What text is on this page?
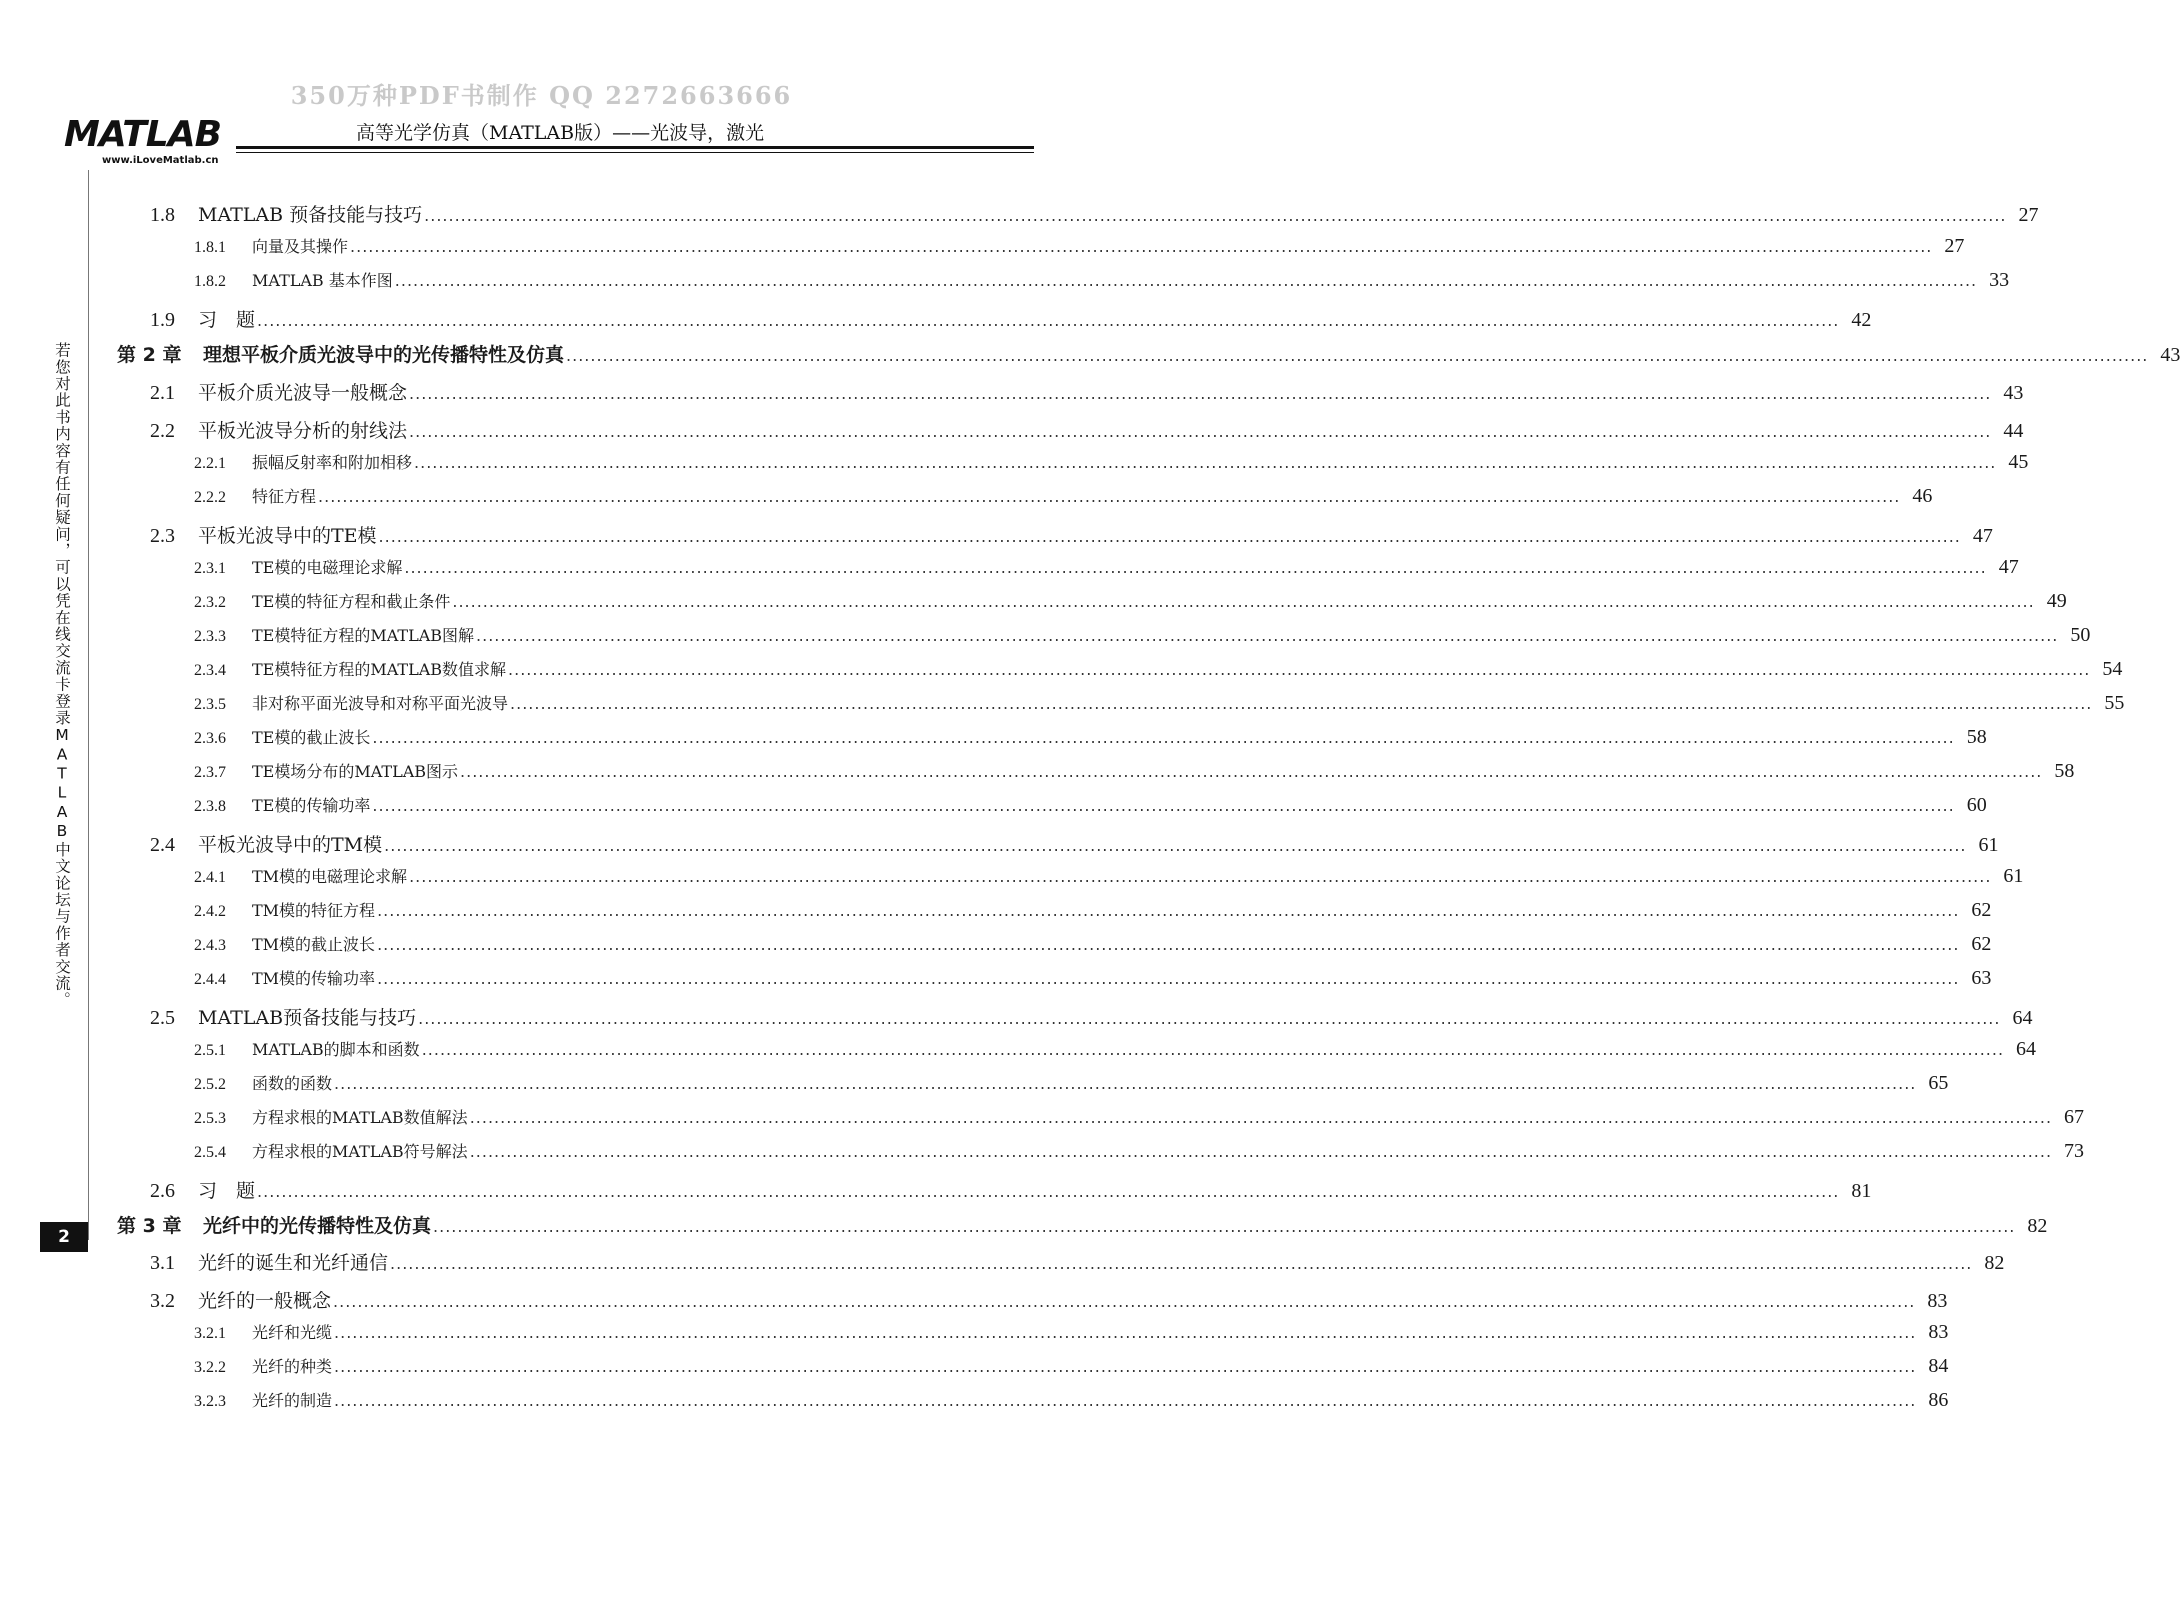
350万种PDF书制作 QQ 2272663666
MATLAB
www.iLoveMatlab.cn
高等光学仿真（MATLAB版）——光波导，激光
若您对此书内容有任何疑问，可以凭在线交流卡登录MATLAB中文论坛与作者交流。
2
1.8	MATLAB 预备技能与技巧 .................................................................................................................................................................................................................................................................... 27
1.8.1	向量及其操作 .................................................................................................................................................................................................................................................................... 27
1.8.2	MATLAB 基本作图 .................................................................................................................................................................................................................................................................... 33
1.9	习　题 .................................................................................................................................................................................................................................................................... 42
第 2 章	理想平板介质光波导中的光传播特性及仿真 .................................................................................................................................................................................................................................................................... 43
2.1	平板介质光波导一般概念 .................................................................................................................................................................................................................................................................... 43
2.2	平板光波导分析的射线法 .................................................................................................................................................................................................................................................................... 44
2.2.1	振幅反射率和附加相移 .................................................................................................................................................................................................................................................................... 45
2.2.2	特征方程 .................................................................................................................................................................................................................................................................... 46
2.3	平板光波导中的TE模 .................................................................................................................................................................................................................................................................... 47
2.3.1	TE模的电磁理论求解 .................................................................................................................................................................................................................................................................... 47
2.3.2	TE模的特征方程和截止条件 .................................................................................................................................................................................................................................................................... 49
2.3.3	TE模特征方程的MATLAB图解 .................................................................................................................................................................................................................................................................... 50
2.3.4	TE模特征方程的MATLAB数值求解 .................................................................................................................................................................................................................................................................... 54
2.3.5	非对称平面光波导和对称平面光波导 .................................................................................................................................................................................................................................................................... 55
2.3.6	TE模的截止波长 .................................................................................................................................................................................................................................................................... 58
2.3.7	TE模场分布的MATLAB图示 .................................................................................................................................................................................................................................................................... 58
2.3.8	TE模的传输功率 .................................................................................................................................................................................................................................................................... 60
2.4	平板光波导中的TM模 .................................................................................................................................................................................................................................................................... 61
2.4.1	TM模的电磁理论求解 .................................................................................................................................................................................................................................................................... 61
2.4.2	TM模的特征方程 .................................................................................................................................................................................................................................................................... 62
2.4.3	TM模的截止波长 .................................................................................................................................................................................................................................................................... 62
2.4.4	TM模的传输功率 .................................................................................................................................................................................................................................................................... 63
2.5	MATLAB预备技能与技巧 .................................................................................................................................................................................................................................................................... 64
2.5.1	MATLAB的脚本和函数 .................................................................................................................................................................................................................................................................... 64
2.5.2	函数的函数 .................................................................................................................................................................................................................................................................... 65
2.5.3	方程求根的MATLAB数值解法 .................................................................................................................................................................................................................................................................... 67
2.5.4	方程求根的MATLAB符号解法 .................................................................................................................................................................................................................................................................... 73
2.6	习　题 .................................................................................................................................................................................................................................................................... 81
第 3 章	光纤中的光传播特性及仿真 .................................................................................................................................................................................................................................................................... 82
3.1	光纤的诞生和光纤通信 .................................................................................................................................................................................................................................................................... 82
3.2	光纤的一般概念 .................................................................................................................................................................................................................................................................... 83
3.2.1	光纤和光缆 .................................................................................................................................................................................................................................................................... 83
3.2.2	光纤的种类 .................................................................................................................................................................................................................................................................... 84
3.2.3	光纤的制造 .................................................................................................................................................................................................................................................................... 86
